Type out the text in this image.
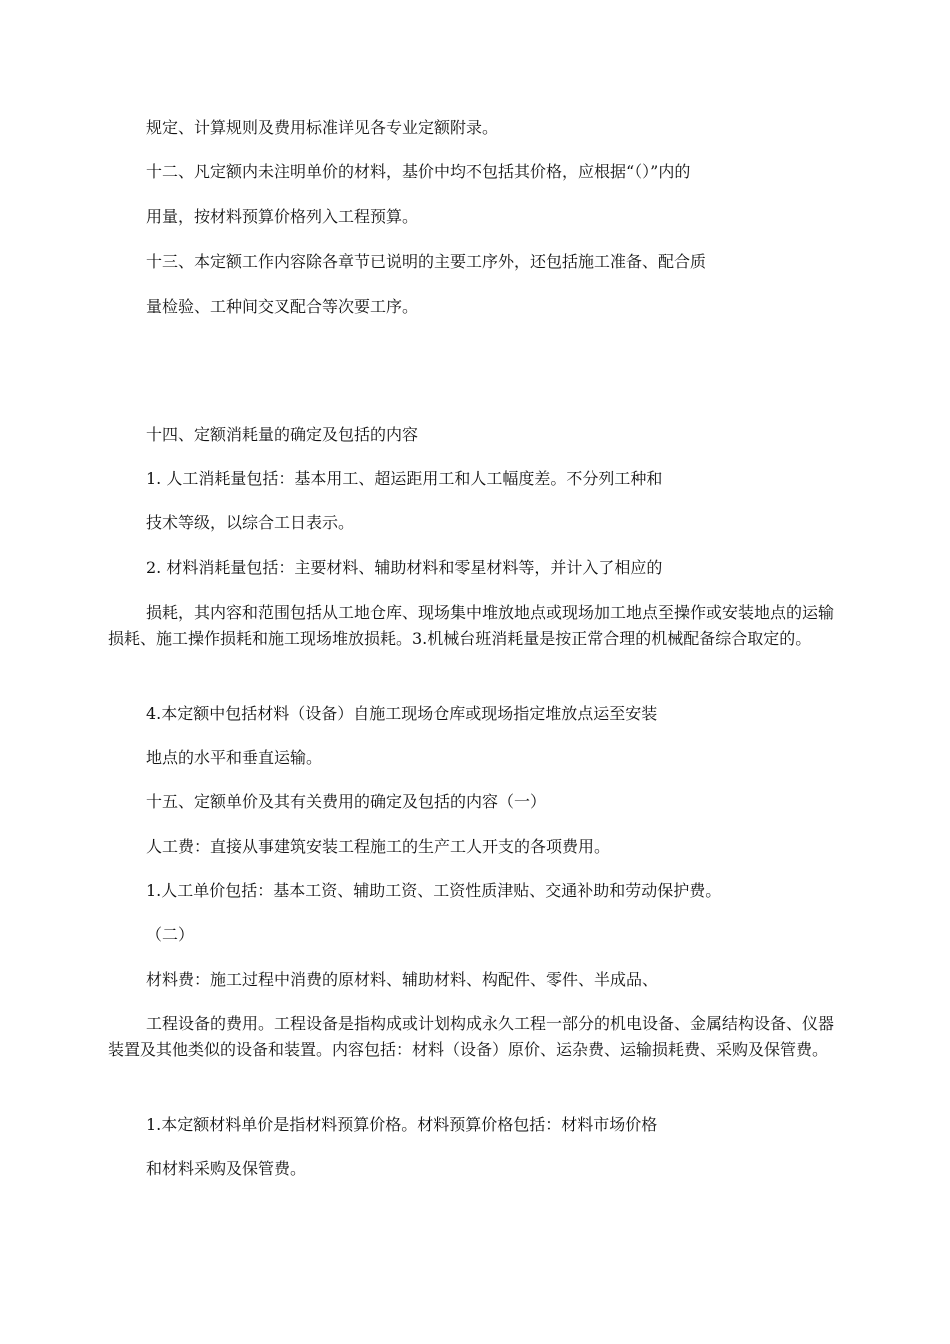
规定、计算规则及费用标准详见各专业定额附录。
十二、凡定额内未注明单价的材料，基价中均不包括其价格，应根据“（）”内的
用量，按材料预算价格列入工程预算。
十三、本定额工作内容除各章节已说明的主要工序外，还包括施工准备、配合质
量检验、工种间交叉配合等次要工序。
十四、定额消耗量的确定及包括的内容
1. 人工消耗量包括：基本用工、超运距用工和人工幅度差。不分列工种和
技术等级，以综合工日表示。
2. 材料消耗量包括：主要材料、辅助材料和零星材料等，并计入了相应的
损耗，其内容和范围包括从工地仓库、现场集中堆放地点或现场加工地点至操作或安装地点的运输损耗、施工操作损耗和施工现场堆放损耗。3.机械台班消耗量是按正常合理的机械配备综合取定的。
4.本定额中包括材料（设备）自施工现场仓库或现场指定堆放点运至安装
地点的水平和垂直运输。
十五、定额单价及其有关费用的确定及包括的内容（一）
人工费：直接从事建筑安装工程施工的生产工人开支的各项费用。
1.人工单价包括：基本工资、辅助工资、工资性质津贴、交通补助和劳动保护费。
（二）
材料费：施工过程中消费的原材料、辅助材料、构配件、零件、半成品、
工程设备的费用。工程设备是指构成或计划构成永久工程一部分的机电设备、金属结构设备、仪器装置及其他类似的设备和装置。内容包括：材料（设备）原价、运杂费、运输损耗费、采购及保管费。
1.本定额材料单价是指材料预算价格。材料预算价格包括：材料市场价格
和材料采购及保管费。
